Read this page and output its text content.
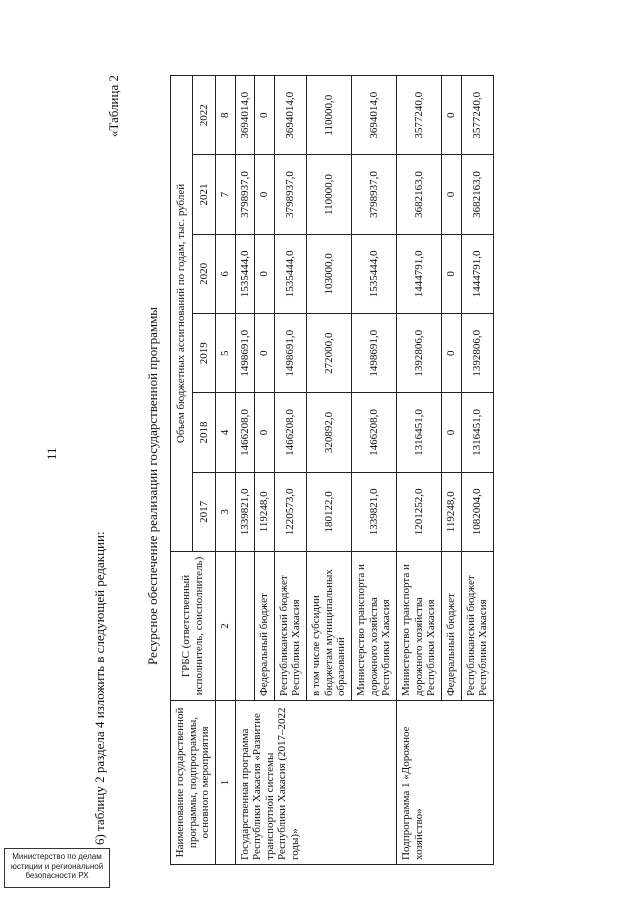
11
6) таблицу 2 раздела 4 изложить в следующей редакции:
«Таблица 2
Ресурсное обеспечение реализации государственной программы
Наименование государственной программы, подпрограммы, основного мероприятия	ГРБС (ответственный исполнитель, соисполнитель)	Объем бюджетных ассигнований по годам, тыс. рублей					
		2017	2018	2019	2020	2021	2022
1	2	3	4	5	6	7	8
Государственная программа Республики Хакасия «Развитие транспортной системы Республики Хакасия (2017–2022 годы)»		1339821,0	1466208,0	1498691,0	1535444,0	3798937,0	3694014,0
	Федеральный бюджет	119248,0	0	0	0	0	0
	Республиканский бюджет Республики Хакасия	1220573,0	1466208,0	1498691,0	1535444,0	3798937,0	3694014,0
	в том числе субсидии бюджетам муниципальных образований	180122,0	320892,0	272000,0	103000,0	110000,0	110000,0
	Министерство транспорта и дорожного хозяйства Республики Хакасия	1339821,0	1466208,0	1498691,0	1535444,0	3798937,0	3694014,0
Подпрограмма 1 «Дорожное хозяйство»	Министерство транспорта и дорожного хозяйства Республики Хакасия	1201252,0	1316451,0	1392806,0	1444791,0	3682163,0	3577240,0
	Федеральный бюджет	119248,0	0	0	0	0	0
	Республиканский бюджет Республики Хакасия	1082004,0	1316451,0	1392806,0	1444791,0	3682163,0	3577240,0
Министерство по делам
юстиции и региональной
безопасности РХ
